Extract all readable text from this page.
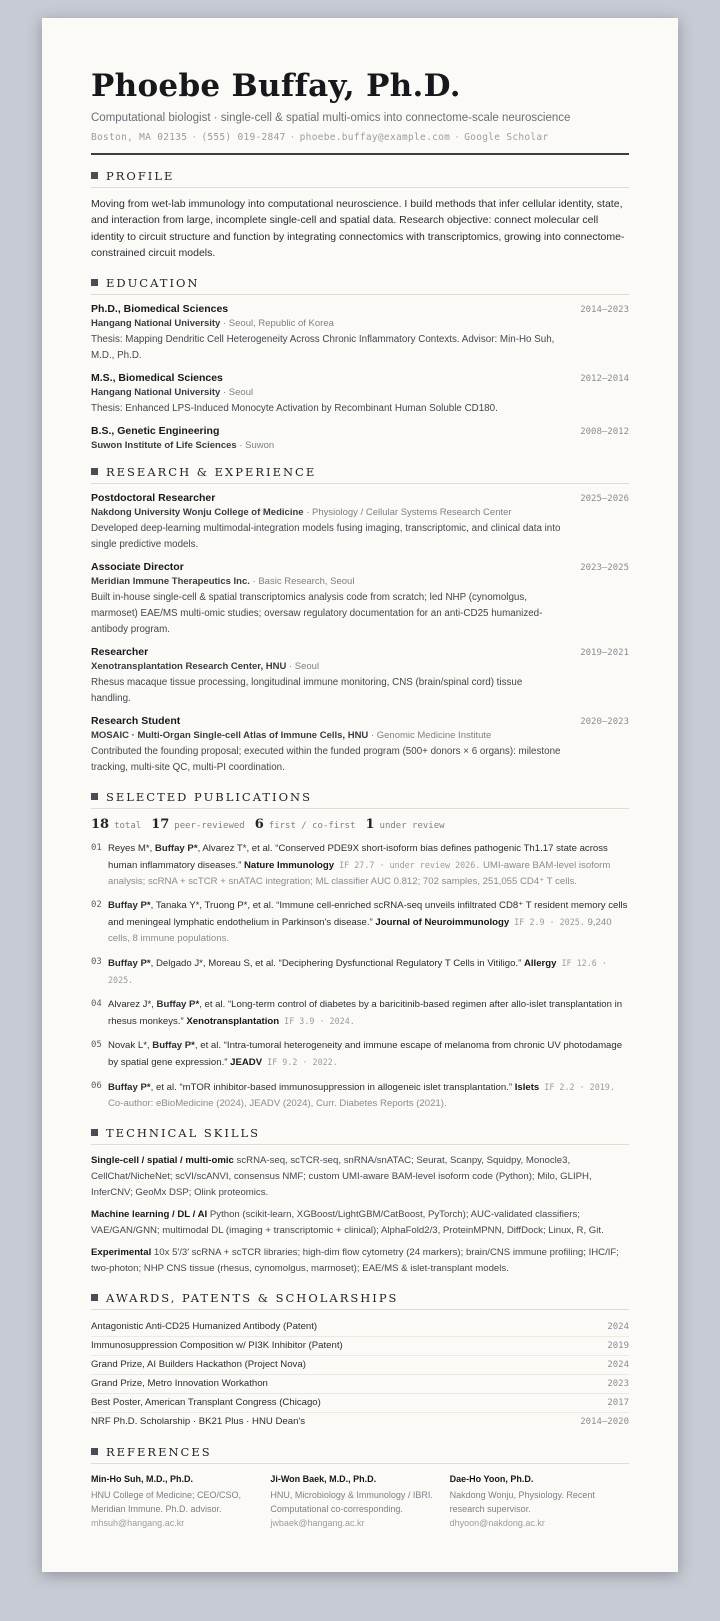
Phoebe Buffay, Ph.D.
Computational biologist · single-cell & spatial multi-omics into connectome-scale neuroscience
Boston, MA 02135 · (555) 019-2847 · phoebe.buffay@example.com · Google Scholar
PROFILE

Moving from wet-lab immunology into computational neuroscience. I build methods that infer cellular identity, state, and interaction from large, incomplete single-cell and spatial data. Research objective: connect molecular cell identity to circuit structure and function by integrating connectomics with transcriptomics, growing into connectome-constrained circuit models.

EDUCATION
Ph.D., Biomedical Sciences	2014–2023
Hangang National University · Seoul, Republic of Korea
Thesis: Mapping Dendritic Cell Heterogeneity Across Chronic Inflammatory Contexts. Advisor: Min-Ho Suh, M.D., Ph.D.
M.S., Biomedical Sciences	2012–2014
Hangang National University · Seoul
Thesis: Enhanced LPS-Induced Monocyte Activation by Recombinant Human Soluble CD180.
B.S., Genetic Engineering	2008–2012
Suwon Institute of Life Sciences · Suwon
RESEARCH & EXPERIENCE
Postdoctoral Researcher	2025–2026
Nakdong University Wonju College of Medicine · Physiology / Cellular Systems Research Center
Developed deep-learning multimodal-integration models fusing imaging, transcriptomic, and clinical data into single predictive models.
Associate Director	2023–2025
Meridian Immune Therapeutics Inc. · Basic Research, Seoul
Built in-house single-cell & spatial transcriptomics analysis code from scratch; led NHP (cynomolgus, marmoset) EAE/MS multi-omic studies; oversaw regulatory documentation for an anti-CD25 humanized-antibody program.
Researcher	2019–2021
Xenotransplantation Research Center, HNU · Seoul
Rhesus macaque tissue processing, longitudinal immune monitoring, CNS (brain/spinal cord) tissue handling.
Research Student	2020–2023
MOSAIC · Multi-Organ Single-cell Atlas of Immune Cells, HNU · Genomic Medicine Institute
Contributed the founding proposal; executed within the funded program (500+ donors × 6 organs): milestone tracking, multi-site QC, multi-PI coordination.
SELECTED PUBLICATIONS
18 total 17 peer-reviewed 6 first / co-first 1 under review
01 Reyes M*, Buffay P*, Alvarez T*, et al. “Conserved PDE9X short-isoform bias defines pathogenic Th1.17 state across human inflammatory diseases.” Nature Immunology IF 27.7 · under review 2026. UMI-aware BAM-level isoform analysis; scRNA + scTCR + snATAC integration; ML classifier AUC 0.812; 702 samples, 251,055 CD4⁺ T cells.
02 Buffay P*, Tanaka Y*, Truong P*, et al. “Immune cell-enriched scRNA-seq unveils infiltrated CD8⁺ T resident memory cells and meningeal lymphatic endothelium in Parkinson's disease.” Journal of Neuroimmunology IF 2.9 · 2025. 9,240 cells, 8 immune populations.
03 Buffay P*, Delgado J*, Moreau S, et al. “Deciphering Dysfunctional Regulatory T Cells in Vitiligo.” Allergy IF 12.6 · 2025.
04 Alvarez J*, Buffay P*, et al. “Long-term control of diabetes by a baricitinib-based regimen after allo-islet transplantation in rhesus monkeys.” Xenotransplantation IF 3.9 · 2024.
05 Novak L*, Buffay P*, et al. “Intra-tumoral heterogeneity and immune escape of melanoma from chronic UV photodamage by spatial gene expression.” JEADV IF 9.2 · 2022.
06 Buffay P*, et al. “mTOR inhibitor-based immunosuppression in allogeneic islet transplantation.” Islets IF 2.2 · 2019. Co-author: eBioMedicine (2024), JEADV (2024), Curr. Diabetes Reports (2021).
TECHNICAL SKILLS

Single-cell / spatial / multi-omic scRNA-seq, scTCR-seq, snRNA/snATAC; Seurat, Scanpy, Squidpy, Monocle3, CellChat/NicheNet; scVI/scANVI, consensus NMF; custom UMI-aware BAM-level isoform code (Python); Milo, GLIPH, InferCNV; GeoMx DSP; Olink proteomics.

Machine learning / DL / AI Python (scikit-learn, XGBoost/LightGBM/CatBoost, PyTorch); AUC-validated classifiers; VAE/GAN/GNN; multimodal DL (imaging + transcriptomic + clinical); AlphaFold2/3, ProteinMPNN, DiffDock; Linux, R, Git.

Experimental 10x 5′/3′ scRNA + scTCR libraries; high-dim flow cytometry (24 markers); brain/CNS immune profiling; IHC/IF; two-photon; NHP CNS tissue (rhesus, cynomolgus, marmoset); EAE/MS & islet-transplant models.

AWARDS, PATENTS & SCHOLARSHIPS
Antagonistic Anti-CD25 Humanized Antibody (Patent)	2024
Immunosuppression Composition w/ PI3K Inhibitor (Patent)	2019
Grand Prize, AI Builders Hackathon (Project Nova)	2024
Grand Prize, Metro Innovation Workathon	2023
Best Poster, American Transplant Congress (Chicago)	2017
NRF Ph.D. Scholarship · BK21 Plus · HNU Dean's	2014–2020
REFERENCES
Min-Ho Suh, M.D., Ph.D.
HNU College of Medicine; CEO/CSO, Meridian Immune. Ph.D. advisor.
mhsuh@hangang.ac.kr
Ji-Won Baek, M.D., Ph.D.
HNU, Microbiology & Immunology / IBRI. Computational co-corresponding.
jwbaek@hangang.ac.kr
Dae-Ho Yoon, Ph.D.
Nakdong Wonju, Physiology. Recent research supervisor.
dhyoon@nakdong.ac.kr
